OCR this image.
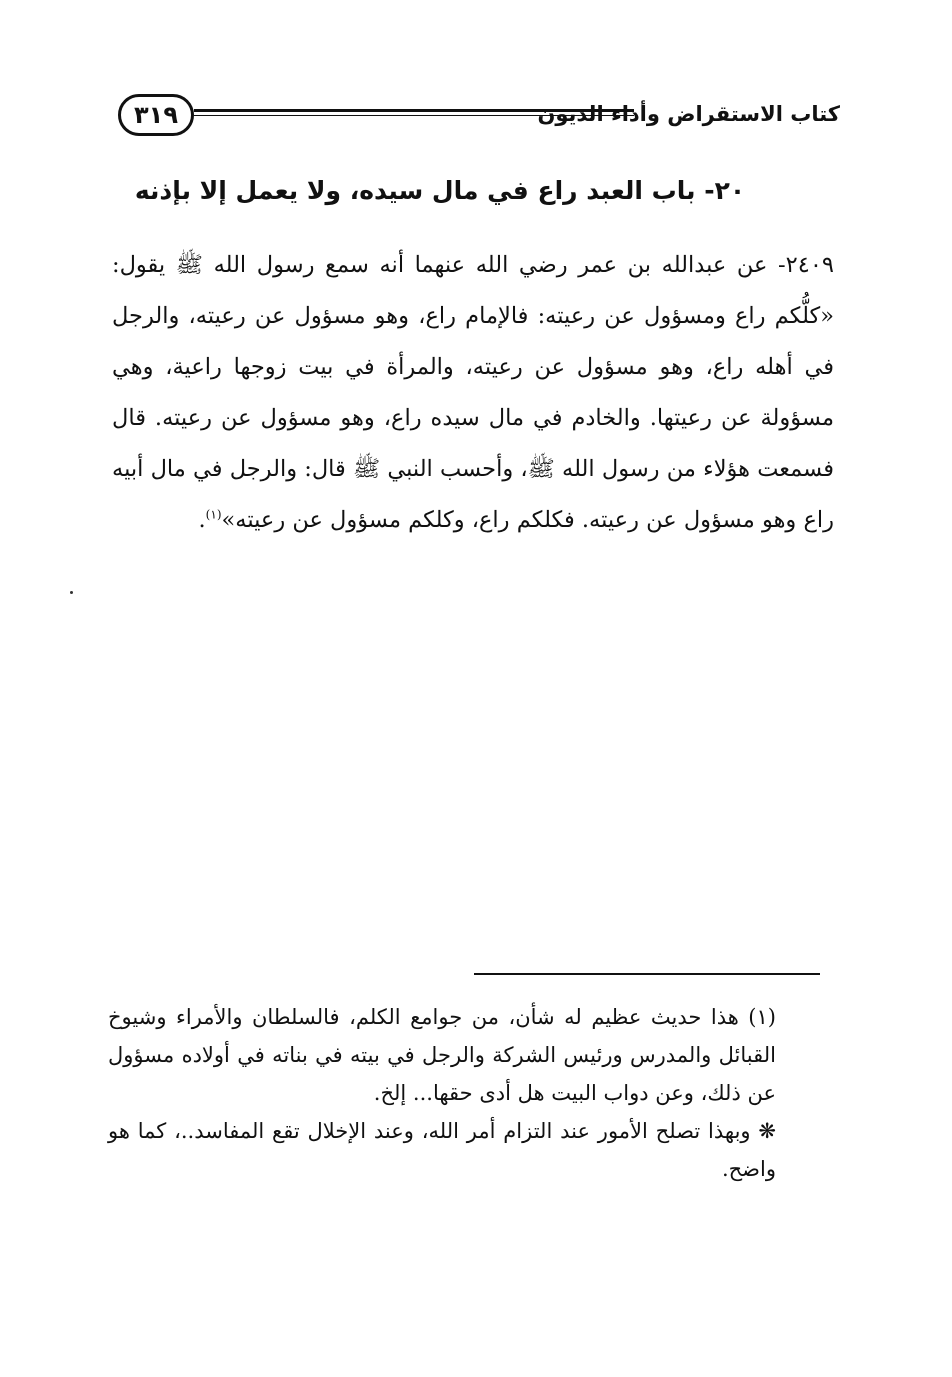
٣١٩	كتاب الاستقراض وأداء الديون
٢٠- باب العبد راع في مال سيده، ولا يعمل إلا بإذنه

٢٤٠٩- عن عبدالله بن عمر رضي الله عنهما أنه سمع رسول الله ﷺ يقول: «كلُّكم راع ومسؤول عن رعيته: فالإمام راع، وهو مسؤول عن رعيته، والرجل في أهله راع، وهو مسؤول عن رعيته، والمرأة في بيت زوجها راعية، وهي مسؤولة عن رعيتها. والخادم في مال سيده راع، وهو مسؤول عن رعيته. قال فسمعت هؤلاء من رسول الله ﷺ، وأحسب النبي ﷺ قال: والرجل في مال أبيه راع وهو مسؤول عن رعيته. فكلكم راع، وكلكم مسؤول عن رعيته»$^{(١)}$.

(١) هذا حديث عظيم له شأن، من جوامع الكلم، فالسلطان والأمراء وشيوخ القبائل والمدرس ورئيس الشركة والرجل في بيته في بناته في أولاده مسؤول عن ذلك، وعن دواب البيت هل أدى حقها... إلخ.

❋ وبهذا تصلح الأمور عند التزام أمر الله، وعند الإخلال تقع المفاسد..، كما هو واضح.
